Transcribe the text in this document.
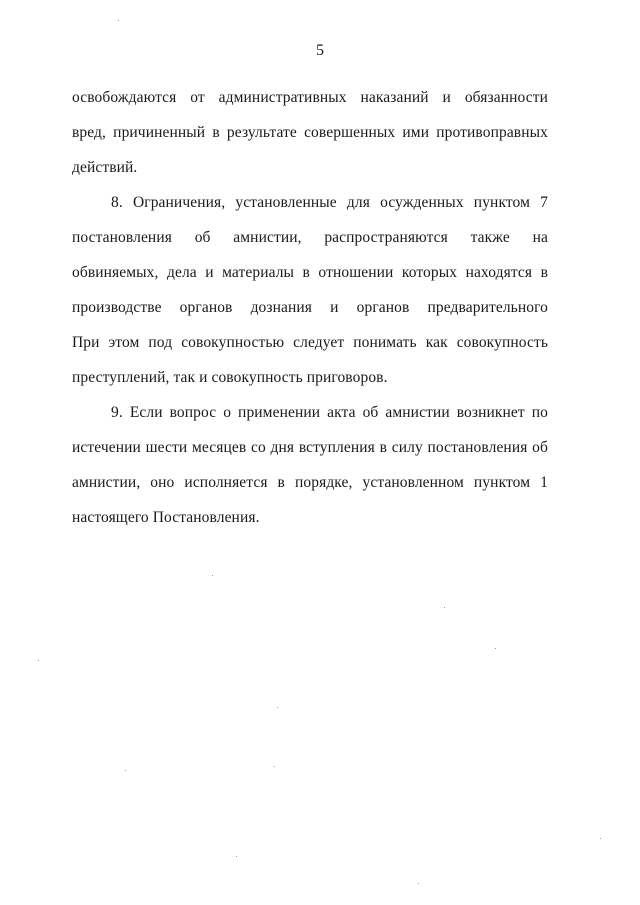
5
освобождаются от административных наказаний и обязанности
вред, причиненный в результате совершенных ими противоправных
действий.
8. Ограничения, установленные для осужденных пунктом 7
постановления об амнистии, распространяются также на
обвиняемых, дела и материалы в отношении которых находятся в
производстве органов дознания и органов предварительного
При этом под совокупностью следует понимать как совокупность
преступлений, так и совокупность приговоров.
9. Если вопрос о применении акта об амнистии возникнет по
истечении шести месяцев со дня вступления в силу постановления об
амнистии, оно исполняется в порядке, установленном пунктом 1
настоящего Постановления.
